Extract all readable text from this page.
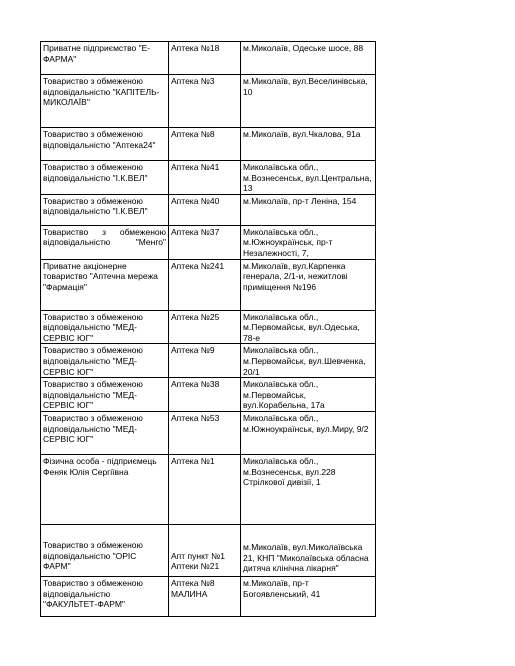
Приватне підприємство "Е-ФАРМА"	Аптека №18	м.Миколаїв, Одеське шосе, 88
Товариство з обмеженою відповідальністю "КАПІТЕЛЬ-МИКОЛАЇВ"	Аптека №3	м.Миколаїв, вул.Веселинівська, 10
Товариство з обмеженою відповідальністю "Аптека24"	Аптека №8	м.Миколаїв, вул.Чкалова, 91а
Товариство з обмеженою відповідальністю "І.К.ВЕЛ"	Аптека №41	Миколаївська обл., м.Вознесенськ, вул.Центральна, 13
Товариство з обмеженою відповідальністю "І.К.ВЕЛ"	Аптека №40	м.Миколаїв, пр-т Леніна, 154
Товариство з обмеженою відповідальністю "Менго"	Аптека №37	Миколаївська обл., м.Южноукраїнськ, пр-т Незалежності, 7,
Приватне акціонерне товариство "Аптечна мережа "Фармація"	Аптека №241	м.Миколаїв, вул.Карпенка генерала, 2/1-и, нежитлові приміщення №196
Товариство з обмеженою відповідальністю "МЕД-СЕРВІС ЮГ"	Аптека №25	Миколаївська обл., м.Первомайськ, вул.Одеська, 78-е
Товариство з обмеженою відповідальністю "МЕД-СЕРВІС ЮГ"	Аптека №9	Миколаївська обл., м.Первомайськ, вул.Шевченка, 20/1
Товариство з обмеженою відповідальністю "МЕД-СЕРВІС ЮГ"	Аптека №38	Миколаївська обл., м.Первомайськ, вул.Корабельна, 17а
Товариство з обмеженою відповідальністю "МЕД-СЕРВІС ЮГ"	Аптека №53	Миколаївська обл., м.Южноукраїнськ, вул.Миру, 9/2
Фізична особа - підприємець Феняк Юлія Сергіївна	Аптека №1	Миколаївська обл., м.Вознесенськ, вул.228 Стрілкової дивізії, 1
Товариство з обмеженою відповідальністю "ОРІС ФАРМ"	Апт пункт №1 Аптеки №21	м.Миколаїв, вул.Миколаївська 21, КНП "Миколаївська обласна дитяча клінічна лікарня"
Товариство з обмеженою відповідальністю "ФАКУЛЬТЕТ-ФАРМ"	Аптека №8 МАЛИНА	м.Миколаїв, пр-т Богоявленський, 41
